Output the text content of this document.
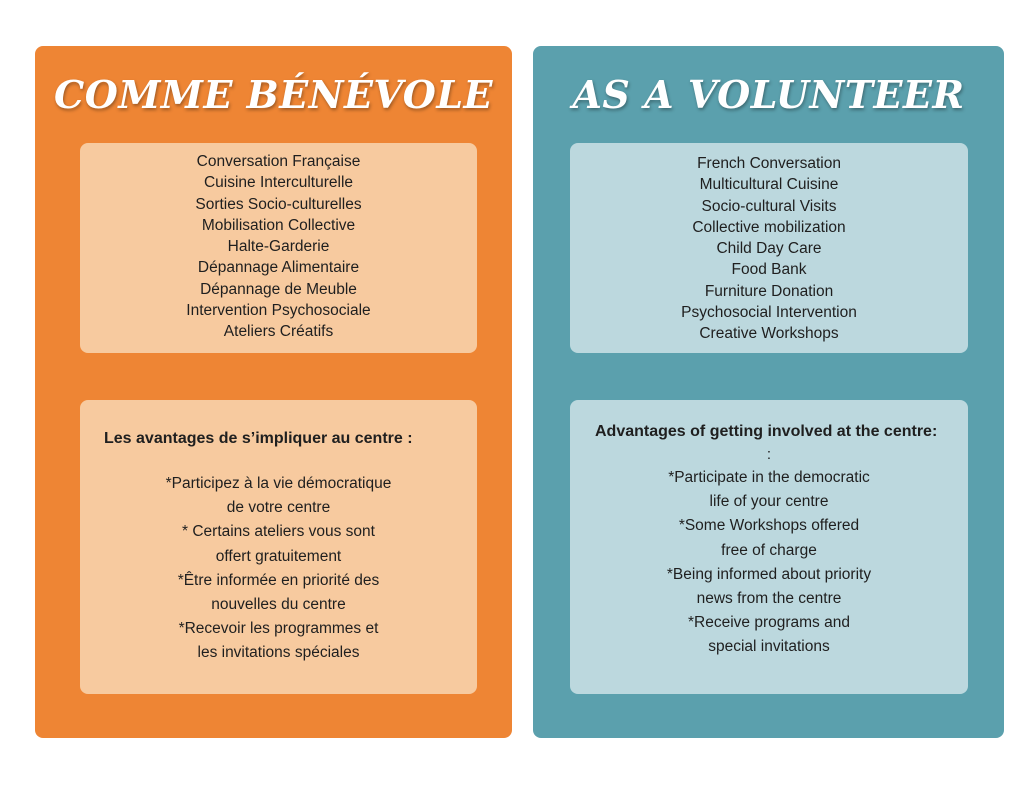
COMME BÉNÉVOLE
Conversation Française
Cuisine Interculturelle
Sorties Socio-culturelles
Mobilisation Collective
Halte-Garderie
Dépannage Alimentaire
Dépannage de Meuble
Intervention Psychosociale
Ateliers Créatifs

Les avantages de s’impliquer au centre :

*Participez à la vie démocratique
de votre centre
* Certains ateliers vous sont
offert gratuitement
*Être informée en priorité des
nouvelles du centre
*Recevoir les programmes et
les invitations spéciales
AS A VOLUNTEER
French Conversation
Multicultural Cuisine
Socio-cultural Visits
Collective mobilization
Child Day Care
Food Bank
Furniture Donation
Psychosocial Intervention
Creative Workshops

Advantages of getting involved at the centre:

:

*Participate in the democratic
life of your centre
*Some Workshops offered
free of charge
*Being informed about priority
news from the centre
*Receive programs and
special invitations
